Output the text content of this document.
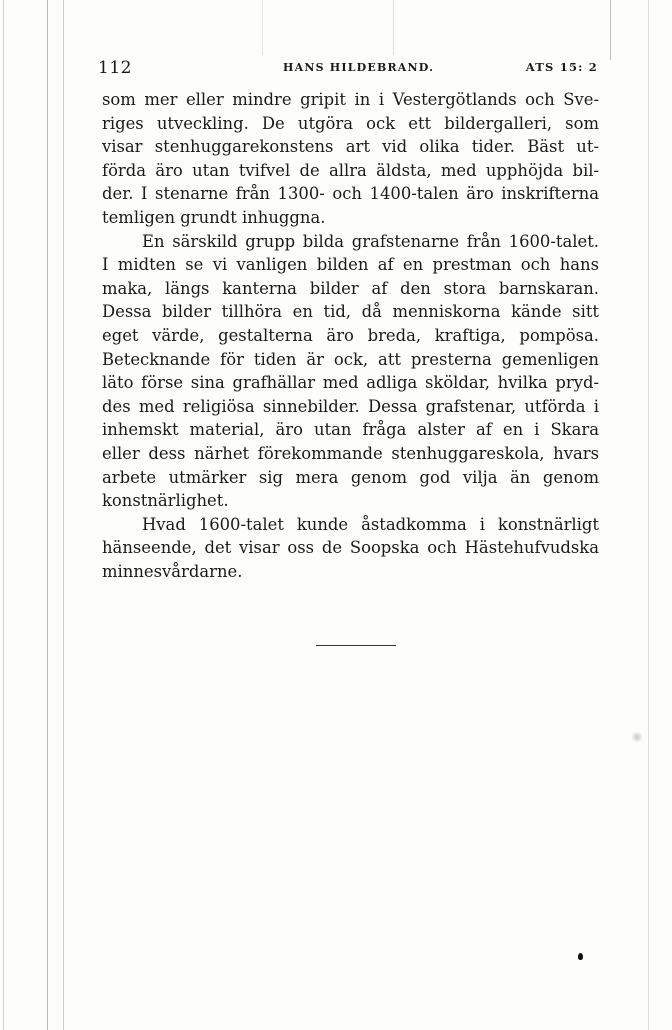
112	HANS HILDEBRAND.	ATS 15: 2
som mer eller mindre gripit in i Vestergötlands och Sve-
riges utveckling. De utgöra ock ett bildergalleri, som
visar stenhuggarekonstens art vid olika tider. Bäst ut-
förda äro utan tvifvel de allra äldsta, med upphöjda bil-
der. I stenarne från 1300- och 1400-talen äro inskrifterna
temligen grundt inhuggna.
En särskild grupp bilda grafstenarne från 1600-talet.
I midten se vi vanligen bilden af en prestman och hans
maka, längs kanterna bilder af den stora barnskaran.
Dessa bilder tillhöra en tid, då menniskorna kände sitt
eget värde, gestalterna äro breda, kraftiga, pompösa.
Betecknande för tiden är ock, att presterna gemenligen
läto förse sina grafhällar med adliga sköldar, hvilka pryd-
des med religiösa sinnebilder. Dessa grafstenar, utförda i
inhemskt material, äro utan fråga alster af en i Skara
eller dess närhet förekommande stenhuggareskola, hvars
arbete utmärker sig mera genom god vilja än genom
konstnärlighet.
Hvad 1600-talet kunde åstadkomma i konstnärligt
hänseende, det visar oss de Soopska och Hästehufvudska
minnesvårdarne.
